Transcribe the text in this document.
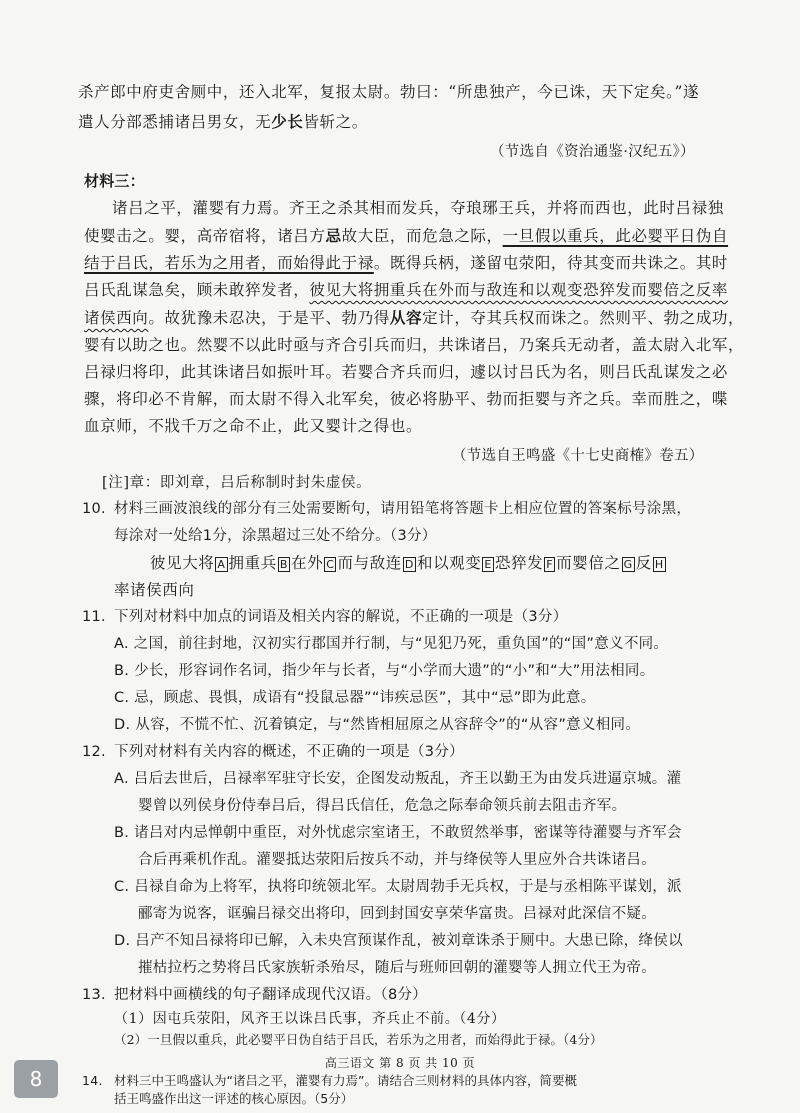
杀产郎中府吏舍厕中，还入北军，复报太尉。勃曰：“所患独产，今已诛，天下定矣。”遂
遣人分部悉捕诸吕男女，无少长皆斩之。
（节选自《资治通鉴·汉纪五》）
材料三：
诸吕之平，灌婴有力焉。齐王之杀其相而发兵，夺琅琊王兵，并将而西也，此时吕禄独
使婴击之。婴，高帝宿将，诸吕方忌故大臣，而危急之际，一旦假以重兵，此必婴平日伪自
结于吕氏，若乐为之用者，而始得此于禄。既得兵柄，遂留屯荥阳，待其变而共诛之。其时
吕氏乱谋急矣，顾未敢猝发者，彼见大将拥重兵在外而与敌连和以观变恐猝发而婴倍之反率
诸侯西向。故犹豫未忍决，于是平、勃乃得从容定计，夺其兵权而诛之。然则平、勃之成功，
婴有以助之也。然婴不以此时亟与齐合引兵而归，共诛诸吕，乃案兵无动者，盖太尉入北军，
吕禄归将印，此其诛诸吕如振叶耳。若婴合齐兵而归，遽以讨吕氏为名，则吕氏乱谋发之必
骤，将印必不肯解，而太尉不得入北军矣，彼必将胁平、勃而拒婴与齐之兵。幸而胜之，喋
血京师，不戕千万之命不止，此又婴计之得也。
（节选自王鸣盛《十七史商榷》卷五）
[注]章：即刘章，吕后称制时封朱虚侯。
10. 材料三画波浪线的部分有三处需要断句，请用铅笔将答题卡上相应位置的答案标号涂黑，
每涂对一处给1分，涂黑超过三处不给分。（3分）
彼见大将 A 拥重兵 B 在外 C 而与敌连 D 和以观变 E 恐猝发 F 而婴倍之 G 反 H
率诸侯西向
11. 下列对材料中加点的词语及相关内容的解说，不正确的一项是（3分）
A. 之国，前往封地，汉初实行郡国并行制，与“见犯乃死，重负国”的“国”意义不同。
B. 少长，形容词作名词，指少年与长者，与“小学而大遗”的“小”和“大”用法相同。
C. 忌，顾虑、畏惧，成语有“投鼠忌器”“讳疾忌医”，其中“忌”即为此意。
D. 从容，不慌不忙、沉着镇定，与“然皆相屈原之从容辞令”的“从容”意义相同。
12. 下列对材料有关内容的概述，不正确的一项是（3分）
A. 吕后去世后，吕禄率军驻守长安，企图发动叛乱，齐王以勤王为由发兵进逼京城。灌
婴曾以列侯身份侍奉吕后，得吕氏信任，危急之际奉命领兵前去阻击齐军。
B. 诸吕对内忌惮朝中重臣，对外忧虑宗室诸王，不敢贸然举事，密谋等待灌婴与齐军会
合后再乘机作乱。灌婴抵达荥阳后按兵不动，并与绛侯等人里应外合共诛诸吕。
C. 吕禄自命为上将军，执将印统领北军。太尉周勃手无兵权，于是与丞相陈平谋划，派
郦寄为说客，诓骗吕禄交出将印，回到封国安享荣华富贵。吕禄对此深信不疑。
D. 吕产不知吕禄将印已解，入未央宫预谋作乱，被刘章诛杀于厕中。大患已除，绛侯以
摧枯拉朽之势将吕氏家族斩杀殆尽，随后与班师回朝的灌婴等人拥立代王为帝。
13. 把材料中画横线的句子翻译成现代汉语。（8分）
（1）因屯兵荥阳，风齐王以诛吕氏事，齐兵止不前。（4分）
（2）一旦假以重兵，此必婴平日伪自结于吕氏，若乐为之用者，而始得此于禄。（4分）
14. 材料三中王鸣盛认为“诸吕之平，灌婴有力焉”。请结合三则材料的具体内容，简要概
括王鸣盛作出这一评述的核心原因。（5分）
8
高三语文 第 8 页 共 10 页
